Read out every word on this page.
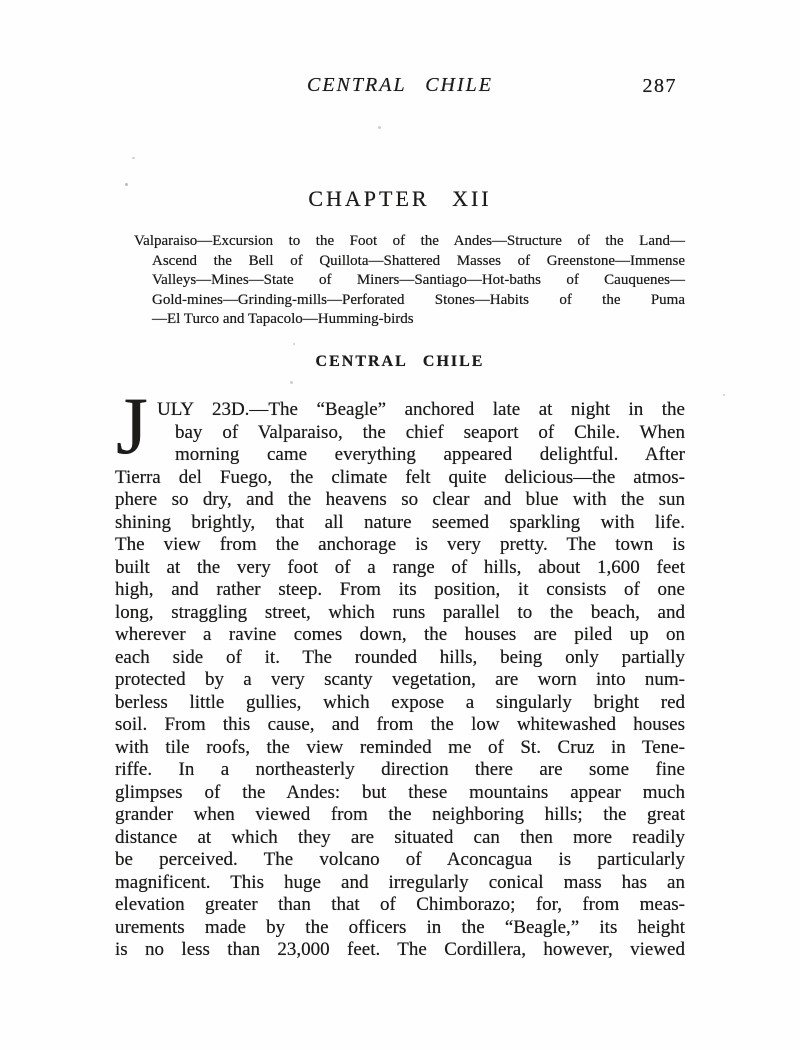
CENTRAL CHILE	287
CHAPTER XII
Valparaiso—Excursion to the Foot of the Andes—Structure of the Land—
Ascend the Bell of Quillota—Shattered Masses of Greenstone—Immense
Valleys—Mines—State of Miners—Santiago—Hot-baths of Cauquenes—
Gold-mines—Grinding-mills—Perforated Stones—Habits of the Puma
—El Turco and Tapacolo—Humming-birds
CENTRAL CHILE
J ULY 23D.—The “Beagle” anchored late at night in the
bay of Valparaiso, the chief seaport of Chile. When
morning came everything appeared delightful. After
Tierra del Fuego, the climate felt quite delicious—the atmos-
phere so dry, and the heavens so clear and blue with the sun
shining brightly, that all nature seemed sparkling with life.
The view from the anchorage is very pretty. The town is
built at the very foot of a range of hills, about 1,600 feet
high, and rather steep. From its position, it consists of one
long, straggling street, which runs parallel to the beach, and
wherever a ravine comes down, the houses are piled up on
each side of it. The rounded hills, being only partially
protected by a very scanty vegetation, are worn into num-
berless little gullies, which expose a singularly bright red
soil. From this cause, and from the low whitewashed houses
with tile roofs, the view reminded me of St. Cruz in Tene-
riffe. In a northeasterly direction there are some fine
glimpses of the Andes: but these mountains appear much
grander when viewed from the neighboring hills; the great
distance at which they are situated can then more readily
be perceived. The volcano of Aconcagua is particularly
magnificent. This huge and irregularly conical mass has an
elevation greater than that of Chimborazo; for, from meas-
urements made by the officers in the “Beagle,” its height
is no less than 23,000 feet. The Cordillera, however, viewed
